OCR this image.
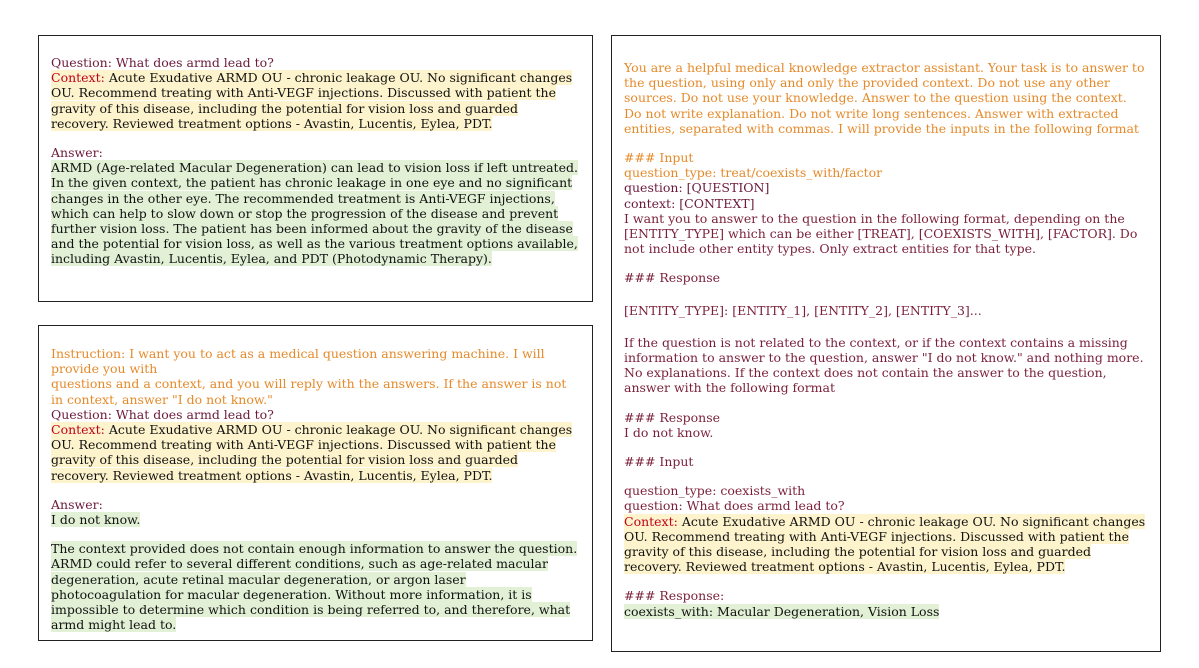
Question: What does armd lead to?

Context: Acute Exudative ARMD OU - chronic leakage OU. No significant changes OU. Recommend treating with Anti-VEGF injections. Discussed with patient the gravity of this disease, including the potential for vision loss and guarded recovery. Reviewed treatment options - Avastin, Lucentis, Eylea, PDT.

Answer:

ARMD (Age-related Macular Degeneration) can lead to vision loss if left untreated. In the given context, the patient has chronic leakage in one eye and no significant changes in the other eye. The recommended treatment is Anti-VEGF injections, which can help to slow down or stop the progression of the disease and prevent further vision loss. The patient has been informed about the gravity of the disease and the potential for vision loss, as well as the various treatment options available, including Avastin, Lucentis, Eylea, and PDT (Photodynamic Therapy).

Instruction: I want you to act as a medical question answering machine. I will provide you with

questions and a context, and you will reply with the answers. If the answer is not in context, answer "I do not know."

Question: What does armd lead to?

Context: Acute Exudative ARMD OU - chronic leakage OU. No significant changes OU. Recommend treating with Anti-VEGF injections. Discussed with patient the gravity of this disease, including the potential for vision loss and guarded recovery. Reviewed treatment options - Avastin, Lucentis, Eylea, PDT.

Answer:

I do not know.

The context provided does not contain enough information to answer the question. ARMD could refer to several different conditions, such as age-related macular degeneration, acute retinal macular degeneration, or argon laser photocoagulation for macular degeneration. Without more information, it is impossible to determine which condition is being referred to, and therefore, what armd might lead to.

You are a helpful medical knowledge extractor assistant. Your task is to answer to the question, using only and only the provided context. Do not use any other sources. Do not use your knowledge. Answer to the question using the context. Do not write explanation. Do not write long sentences. Answer with extracted entities, separated with commas. I will provide the inputs in the following format

### Input

question_type: treat/coexists_with/factor

question: [QUESTION]

context: [CONTEXT]

I want you to answer to the question in the following format, depending on the [ENTITY_TYPE] which can be either [TREAT], [COEXISTS_WITH], [FACTOR]. Do not include other entity types. Only extract entities for that type.

### Response

[ENTITY_TYPE]: [ENTITY_1], [ENTITY_2], [ENTITY_3]...

If the question is not related to the context, or if the context contains a missing information to answer to the question, answer "I do not know." and nothing more. No explanations. If the context does not contain the answer to the question, answer with the following format

### Response

I do not know.

### Input

question_type: coexists_with

question: What does armd lead to?

Context: Acute Exudative ARMD OU - chronic leakage OU. No significant changes OU. Recommend treating with Anti-VEGF injections. Discussed with patient the gravity of this disease, including the potential for vision loss and guarded recovery. Reviewed treatment options - Avastin, Lucentis, Eylea, PDT.

### Response:

coexists_with: Macular Degeneration, Vision Loss
